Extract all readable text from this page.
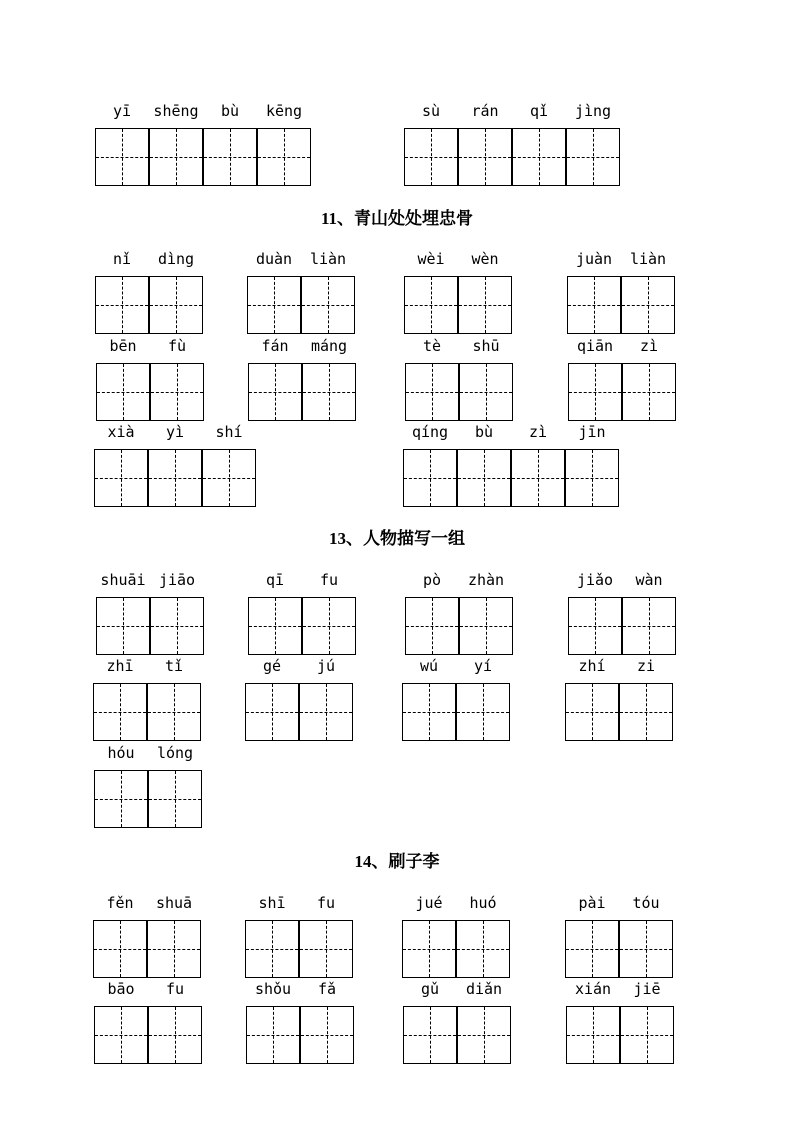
11、青山处处埋忠骨
13、人物描写一组
14、刷子李
yī	shēng	bù	kēng	sù	rán	qǐ	jìng
nǐ	dìng	duàn	liàn	wèi	wèn	juàn	liàn
bēn	fù	fán	máng	tè	shū	qiān	zì
xià	yì	shí	qíng	bù	zì	jīn
shuāi jiāo	qī	fu	pò	zhàn	jiǎo	wàn
zhī	tǐ	gé	jú	wú	yí	zhí	zi
hóu	lóng
fěn	shuā	shī	fu	jué	huó	pài	tóu
bāo	fu	shǒu	fǎ	gǔ	diǎn	xián	jiē
